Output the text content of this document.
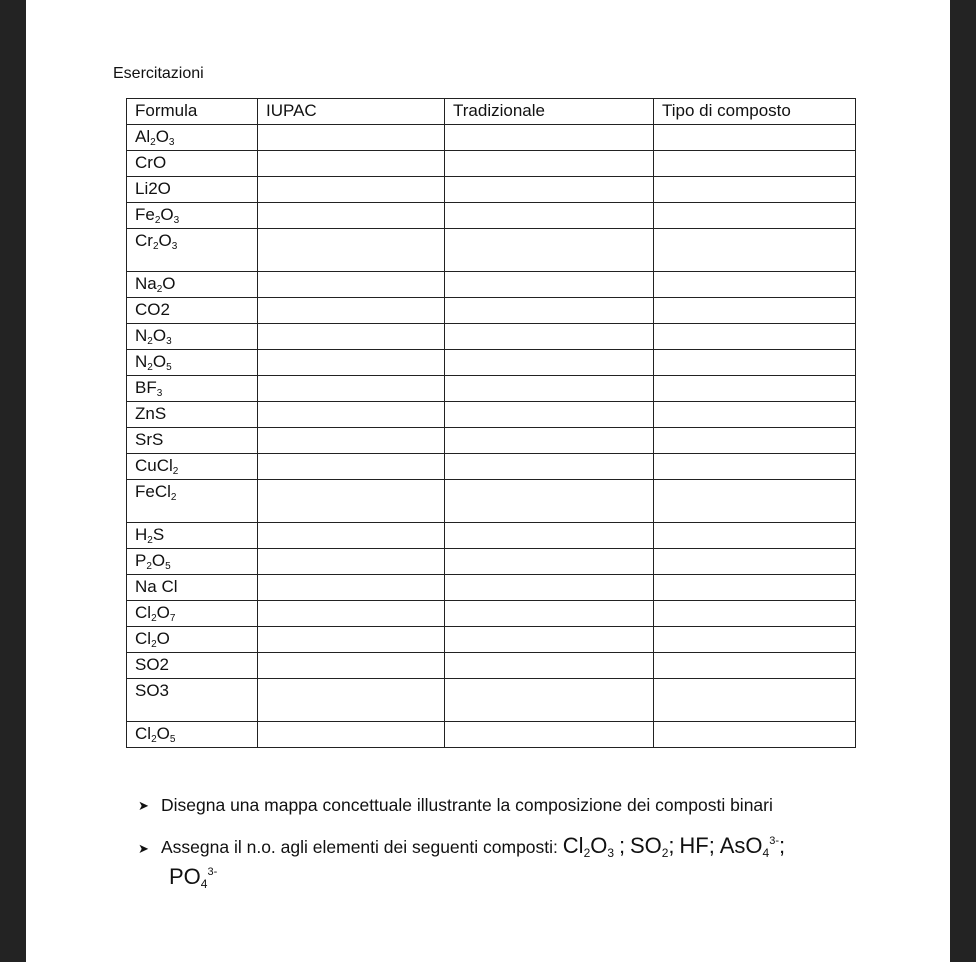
Esercitazioni
Formula	IUPAC	Tradizionale	Tipo di composto
$Al_2O_3$			
CrO			
Li2O			
$Fe_2O_3$			
$Cr_2O_3$			
$Na_2O$			
CO2			
$N_2O_3$			
$N_2O_5$			
$BF_3$			
ZnS			
SrS			
CuCl$_2$			
FeCl$_2$			
$H_2S$			
$P_2O_5$			
Na Cl			
$Cl_2O_7$			
$Cl_2O$			
SO2			
SO3			
$Cl_2O_5$			
➤ Disegna una mappa concettuale illustrante la composizione dei composti binari
➤ Assegna il n.o. agli elementi dei seguenti composti: $Cl_2O_3$ ; $SO_2$; HF; AsO$_4^{3-}$;
$PO_4^{3-}$
